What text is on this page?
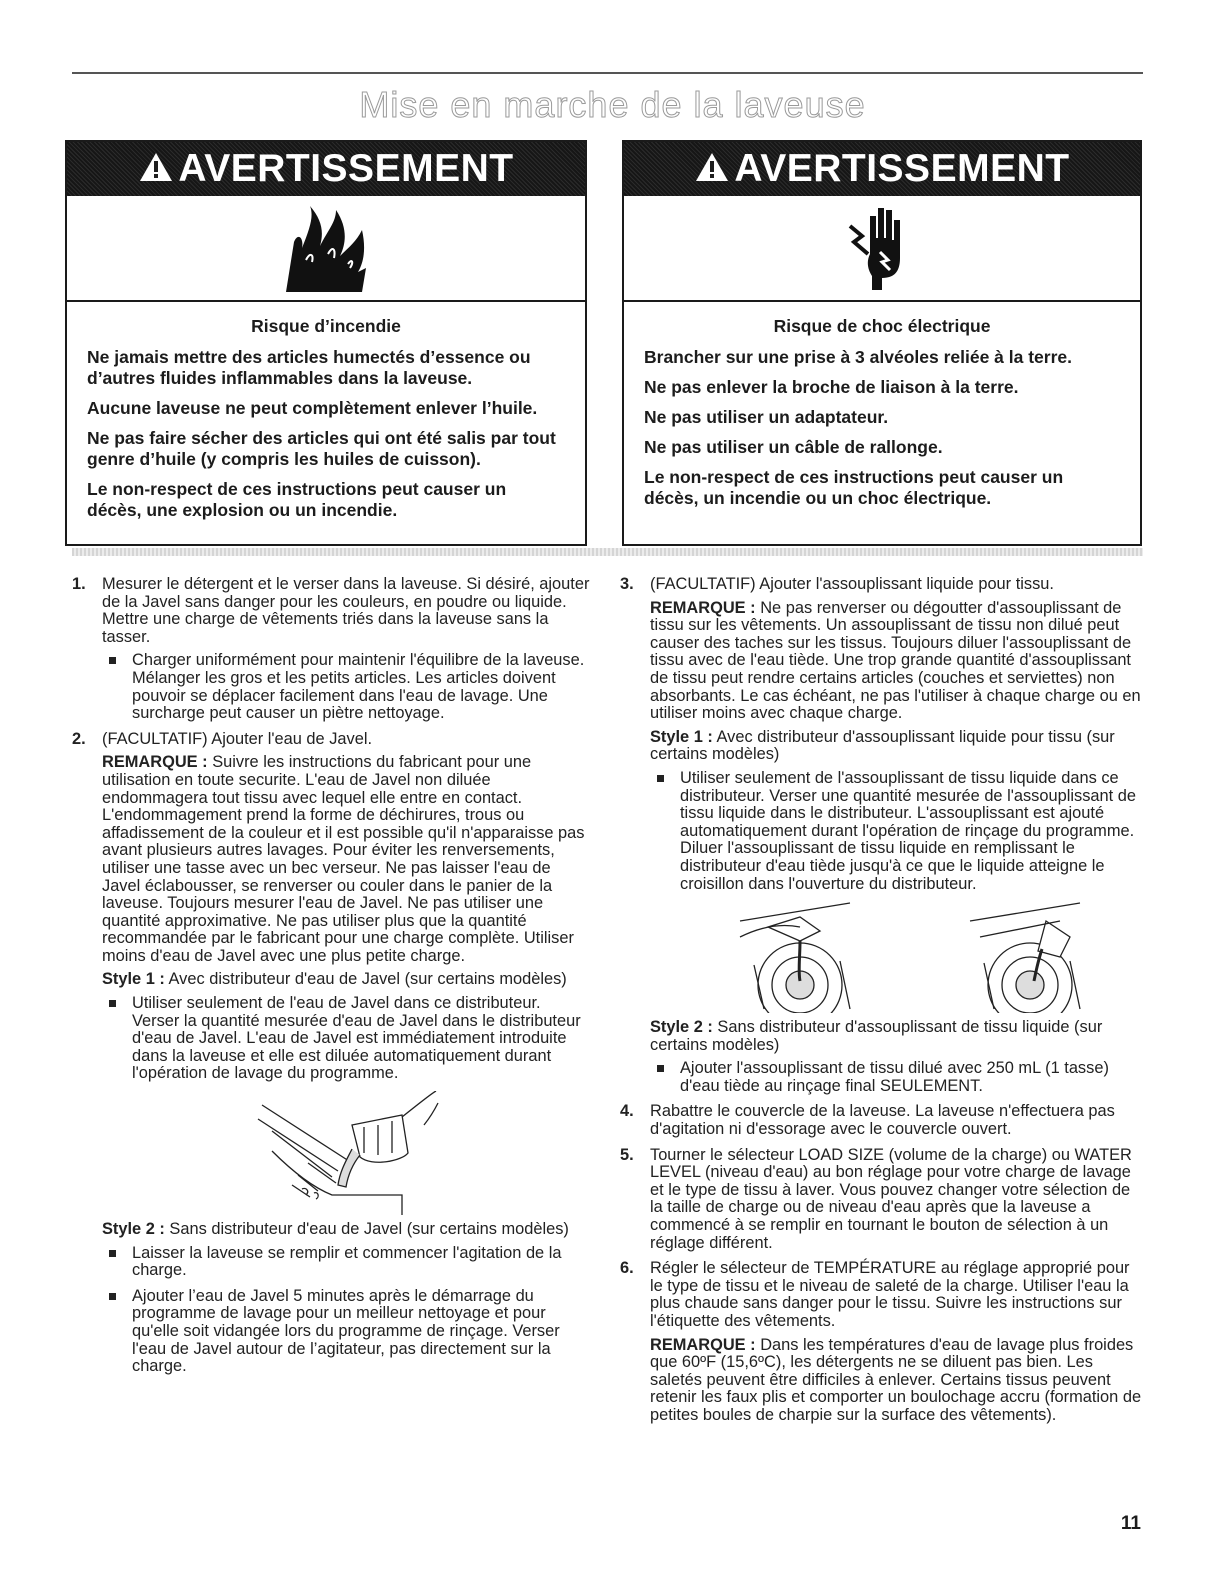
Mise en marche de la laveuse
AVERTISSEMENT
Risque d’incendie

Ne jamais mettre des articles humectés d’essence ou d’autres fluides inflammables dans la laveuse.

Aucune laveuse ne peut complètement enlever l’huile.

Ne pas faire sécher des articles qui ont été salis par tout genre d’huile (y compris les huiles de cuisson).

Le non-respect de ces instructions peut causer un décès, une explosion ou un incendie.

AVERTISSEMENT
Risque de choc électrique

Brancher sur une prise à 3 alvéoles reliée à la terre.

Ne pas enlever la broche de liaison à la terre.

Ne pas utiliser un adaptateur.

Ne pas utiliser un câble de rallonge.

Le non-respect de ces instructions peut causer un décès, un incendie ou un choc électrique.

1. Mesurer le détergent et le verser dans la laveuse. Si désiré, ajouter de la Javel sans danger pour les couleurs, en poudre ou liquide. Mettre une charge de vêtements triés dans la laveuse sans la tasser.
Charger uniformément pour maintenir l'équilibre de la laveuse. Mélanger les gros et les petits articles. Les articles doivent pouvoir se déplacer facilement dans l'eau de lavage. Une surcharge peut causer un piètre nettoyage.
2. (FACULTATIF) Ajouter l'eau de Javel.
REMARQUE : Suivre les instructions du fabricant pour une utilisation en toute securite. L'eau de Javel non diluée endommagera tout tissu avec lequel elle entre en contact. L'endommagement prend la forme de déchirures, trous ou affadissement de la couleur et il est possible qu'il n'apparaisse pas avant plusieurs autres lavages. Pour éviter les renversements, utiliser une tasse avec un bec verseur. Ne pas laisser l'eau de Javel éclabousser, se renverser ou couler dans le panier de la laveuse. Toujours mesurer l'eau de Javel. Ne pas utiliser une quantité approximative. Ne pas utiliser plus que la quantité recommandée par le fabricant pour une charge complète. Utiliser moins d'eau de Javel avec une plus petite charge.
Style 1 : Avec distributeur d'eau de Javel (sur certains modèles)
Utiliser seulement de l'eau de Javel dans ce distributeur. Verser la quantité mesurée d'eau de Javel dans le distributeur d'eau de Javel. L'eau de Javel est immédiatement introduite dans la laveuse et elle est diluée automatiquement durant l'opération de lavage du programme.
Style 2 : Sans distributeur d'eau de Javel (sur certains modèles)
Laisser la laveuse se remplir et commencer l'agitation de la charge.
Ajouter l’eau de Javel 5 minutes après le démarrage du programme de lavage pour un meilleur nettoyage et pour qu'elle soit vidangée lors du programme de rinçage. Verser l'eau de Javel autour de l’agitateur, pas directement sur la charge.
3. (FACULTATIF) Ajouter l'assouplissant liquide pour tissu.
REMARQUE : Ne pas renverser ou dégoutter d'assouplissant de tissu sur les vêtements. Un assouplissant de tissu non dilué peut causer des taches sur les tissus. Toujours diluer l'assouplissant de tissu avec de l'eau tiède. Une trop grande quantité d'assouplissant de tissu peut rendre certains articles (couches et serviettes) non absorbants. Le cas échéant, ne pas l'utiliser à chaque charge ou en utiliser moins avec chaque charge.
Style 1 : Avec distributeur d'assouplissant liquide pour tissu (sur certains modèles)
Utiliser seulement de l'assouplissant de tissu liquide dans ce distributeur. Verser une quantité mesurée de l'assouplissant de tissu liquide dans le distributeur. L'assouplissant est ajouté automatiquement durant l'opération de rinçage du programme. Diluer l'assouplissant de tissu liquide en remplissant le distributeur d'eau tiède jusqu'à ce que le liquide atteigne le croisillon dans l'ouverture du distributeur.
Style 2 : Sans distributeur d'assouplissant de tissu liquide (sur certains modèles)
Ajouter l'assouplissant de tissu dilué avec 250 mL (1 tasse) d'eau tiède au rinçage final SEULEMENT.
4. Rabattre le couvercle de la laveuse. La laveuse n'effectuera pas d'agitation ni d'essorage avec le couvercle ouvert.
5. Tourner le sélecteur LOAD SIZE (volume de la charge) ou WATER LEVEL (niveau d'eau) au bon réglage pour votre charge de lavage et le type de tissu à laver. Vous pouvez changer votre sélection de la taille de charge ou de niveau d'eau après que la laveuse a commencé à se remplir en tournant le bouton de sélection à un réglage différent.
6. Régler le sélecteur de TEMPÉRATURE au réglage approprié pour le type de tissu et le niveau de saleté de la charge. Utiliser l'eau la plus chaude sans danger pour le tissu. Suivre les instructions sur l'étiquette des vêtements.
REMARQUE : Dans les températures d'eau de lavage plus froides que 60ºF (15,6ºC), les détergents ne se diluent pas bien. Les saletés peuvent être difficiles à enlever. Certains tissus peuvent retenir les faux plis et comporter un boulochage accru (formation de petites boules de charpie sur la surface des vêtements).
11
